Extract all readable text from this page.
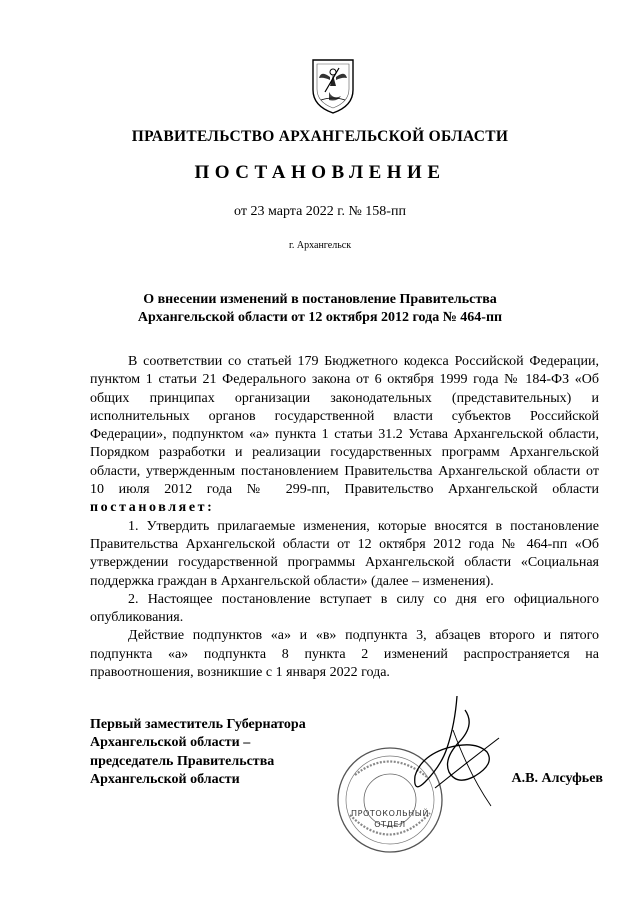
ПРАВИТЕЛЬСТВО АРХАНГЕЛЬСКОЙ ОБЛАСТИ
ПОСТАНОВЛЕНИЕ
от 23 марта 2022 г. № 158-пп
г. Архангельск
О внесении изменений в постановление Правительства
Архангельской области от 12 октября 2012 года № 464-пп

В соответствии со статьей 179 Бюджетного кодекса Российской Федерации, пунктом 1 статьи 21 Федерального закона от 6 октября 1999 года № 184-ФЗ «Об общих принципах организации законодательных (представительных) и исполнительных органов государственной власти субъектов Российской Федерации», подпунктом «а» пункта 1 статьи 31.2 Устава Архангельской области, Порядком разработки и реализации государственных программ Архангельской области, утвержденным постановлением Правительства Архангельской области от 10 июля 2012 года № 299-пп, Правительство Архангельской области постановляет:

1. Утвердить прилагаемые изменения, которые вносятся в постановление Правительства Архангельской области от 12 октября 2012 года № 464-пп «Об утверждении государственной программы Архангельской области «Социальная поддержка граждан в Архангельской области» (далее – изменения).

2. Настоящее постановление вступает в силу со дня его официального опубликования.

Действие подпунктов «а» и «в» подпункта 3, абзацев второго и пятого подпункта «а» подпункта 8 пункта 2 изменений распространяется на правоотношения, возникшие с 1 января 2022 года.

Первый заместитель Губернатора
Архангельской области –
председатель Правительства
Архангельской области
ПРОТОКОЛЬНЫЙ
ОТДЕЛ
А.В. Алсуфьев
